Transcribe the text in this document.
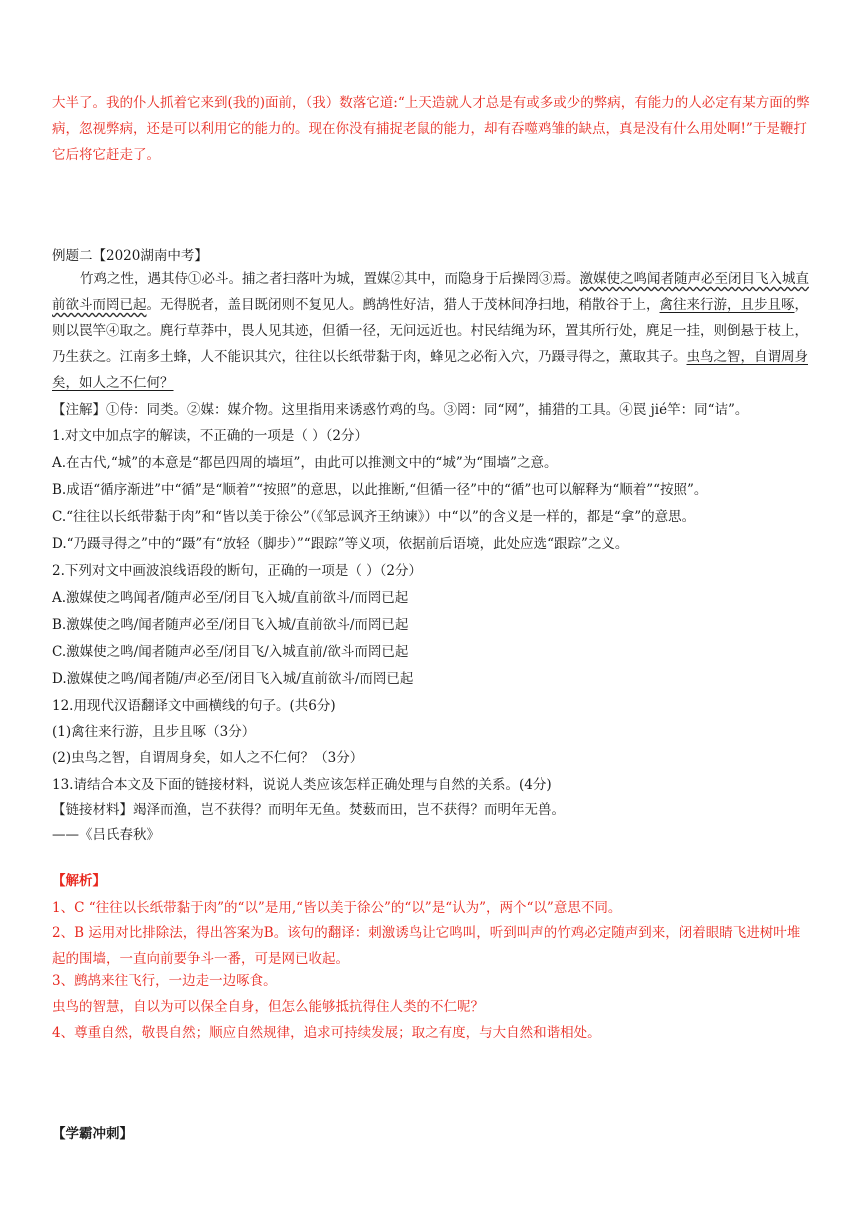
大半了。我的仆人抓着它来到(我的)面前，（我）数落它道:“上天造就人才总是有或多或少的弊病，有能力的人必定有某方面的弊病，忽视弊病，还是可以利用它的能力的。现在你没有捕捉老鼠的能力，却有吞噬鸡雏的缺点，真是没有什么用处啊!”于是鞭打它后将它赶走了。
例题二【2020湖南中考】
竹鸡之性，遇其侍①必斗。捕之者扫落叶为城，置媒②其中，而隐身于后操罔③焉。激媒使之鸣闻者随声必至闭目飞入城直前欲斗而罔已起。无得脱者，盖目既闭则不复见人。鹧鸪性好洁，猎人于茂林间净扫地，稍散谷于上，禽往来行游，且步且啄，则以罠竿④取之。麂行草莽中，畏人见其迹，但循一径，无问远近也。村民结绳为环，置其所行处，麂足一挂，则倒悬于枝上，乃生获之。江南多土蜂，人不能识其穴，往往以长纸带黏于肉，蜂见之必衔入穴，乃蹑寻得之，薰取其子。虫鸟之智，自谓周身矣，如人之不仁何？
【注解】①侍：同类。②媒：媒介物。这里指用来诱惑竹鸡的鸟。③罔：同“网”，捕猎的工具。④罠 jié竿：同“诘”。
1.对文中加点字的解读，不正确的一项是（ ）（2分）
A.在古代,“城”的本意是“都邑四周的墙垣”，由此可以推测文中的“城”为“围墙”之意。
B.成语“循序渐进”中“循”是“顺着”“按照”的意思，以此推断,“但循一径”中的“循”也可以解释为“顺着”“按照”。
C.“往往以长纸带黏于肉”和“皆以美于徐公”（《邹忌讽齐王纳谏》）中“以”的含义是一样的，都是“拿”的意思。
D.“乃蹑寻得之”中的“蹑”有“放轻（脚步）”“跟踪”等义项，依据前后语境，此处应选“跟踪”之义。
2.下列对文中画波浪线语段的断句，正确的一项是（ ）（2分）
A.激媒使之鸣闻者/随声必至/闭目飞入城/直前欲斗/而罔已起
B.激媒使之鸣/闻者随声必至/闭目飞入城/直前欲斗/而罔已起
C.激媒使之鸣/闻者随声必至/闭目飞/入城直前/欲斗而罔已起
D.激媒使之鸣/闻者随/声必至/闭目飞入城/直前欲斗/而罔已起
12.用现代汉语翻译文中画横线的句子。(共6分)
(1)禽往来行游，且步且啄（3分）
(2)虫鸟之智，自谓周身矣，如人之不仁何？（3分）
13.请结合本文及下面的链接材料，说说人类应该怎样正确处理与自然的关系。(4分)
【链接材料】竭泽而渔，岂不获得？而明年无鱼。焚薮而田，岂不获得？而明年无兽。
——《吕氏春秋》
【解析】
1、C “往往以长纸带黏于肉”的“以”是用,“皆以美于徐公”的“以”是“认为”，两个“以”意思不同。
2、B 运用对比排除法，得出答案为B。该句的翻译：刺激诱鸟让它鸣叫，听到叫声的竹鸡必定随声到来，闭着眼睛飞进树叶堆起的围墙，一直向前要争斗一番，可是网已收起。
3、鹧鸪来往飞行，一边走一边啄食。
虫鸟的智慧，自以为可以保全自身，但怎么能够抵抗得住人类的不仁呢？
4、尊重自然，敬畏自然；顺应自然规律，追求可持续发展；取之有度，与大自然和谐相处。
【学霸冲刺】
